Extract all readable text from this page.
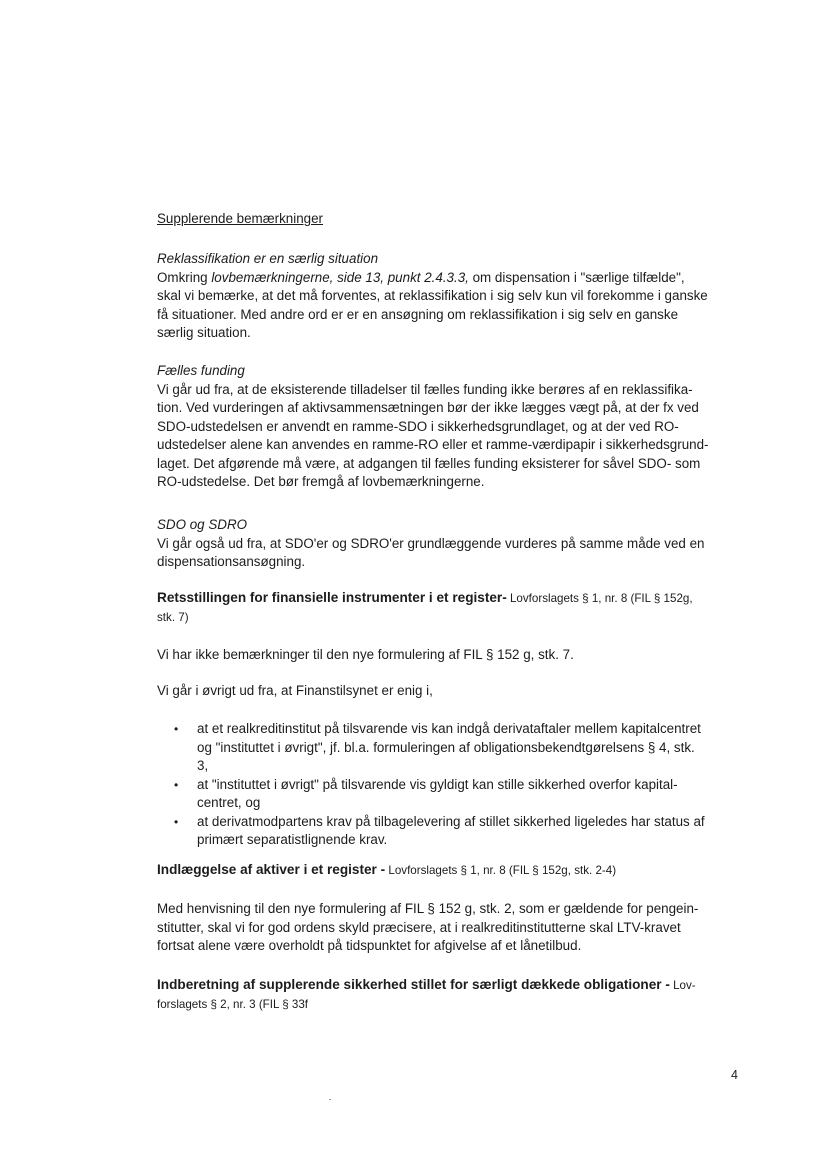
Supplerende bemærkninger
Reklassifikation er en særlig situation
Omkring lovbemærkningerne, side 13, punkt 2.4.3.3, om dispensation i "særlige tilfælde",
skal vi bemærke, at det må forventes, at reklassifikation i sig selv kun vil forekomme i ganske
få situationer. Med andre ord er er en ansøgning om reklassifikation i sig selv en ganske
særlig situation.
Fælles funding
Vi går ud fra, at de eksisterende tilladelser til fælles funding ikke berøres af en reklassifika-
tion. Ved vurderingen af aktivsammensætningen bør der ikke lægges vægt på, at der fx ved
SDO-udstedelsen er anvendt en ramme-SDO i sikkerhedsgrundlaget, og at der ved RO-
udstedelser alene kan anvendes en ramme-RO eller et ramme-værdipapir i sikkerhedsgrund-
laget. Det afgørende må være, at adgangen til fælles funding eksisterer for såvel SDO- som
RO-udstedelse. Det bør fremgå af lovbemærkningerne.
SDO og SDRO
Vi går også ud fra, at SDO'er og SDRO'er grundlæggende vurderes på samme måde ved en
dispensationsansøgning.
Retsstillingen for finansielle instrumenter i et register- Lovforslagets § 1, nr. 8 (FIL § 152g,
stk. 7)
Vi har ikke bemærkninger til den nye formulering af FIL § 152 g, stk. 7.
Vi går i øvrigt ud fra, at Finanstilsynet er enig i,
• at et realkreditinstitut på tilsvarende vis kan indgå derivataftaler mellem kapitalcentret
og "instituttet i øvrigt", jf. bl.a. formuleringen af obligationsbekendtgørelsens § 4, stk.
3,
• at "instituttet i øvrigt" på tilsvarende vis gyldigt kan stille sikkerhed overfor kapital-
centret, og
• at derivatmodpartens krav på tilbagelevering af stillet sikkerhed ligeledes har status af
primært separatistlignende krav.
Indlæggelse af aktiver i et register - Lovforslagets § 1, nr. 8 (FIL § 152g, stk. 2-4)
Med henvisning til den nye formulering af FIL § 152 g, stk. 2, som er gældende for pengein-
stitutter, skal vi for god ordens skyld præcisere, at i realkreditinstitutterne skal LTV-kravet
fortsat alene være overholdt på tidspunktet for afgivelse af et lånetilbud.
Indberetning af supplerende sikkerhed stillet for særligt dækkede obligationer - Lov-
forslagets § 2, nr. 3 (FIL § 33f
4
